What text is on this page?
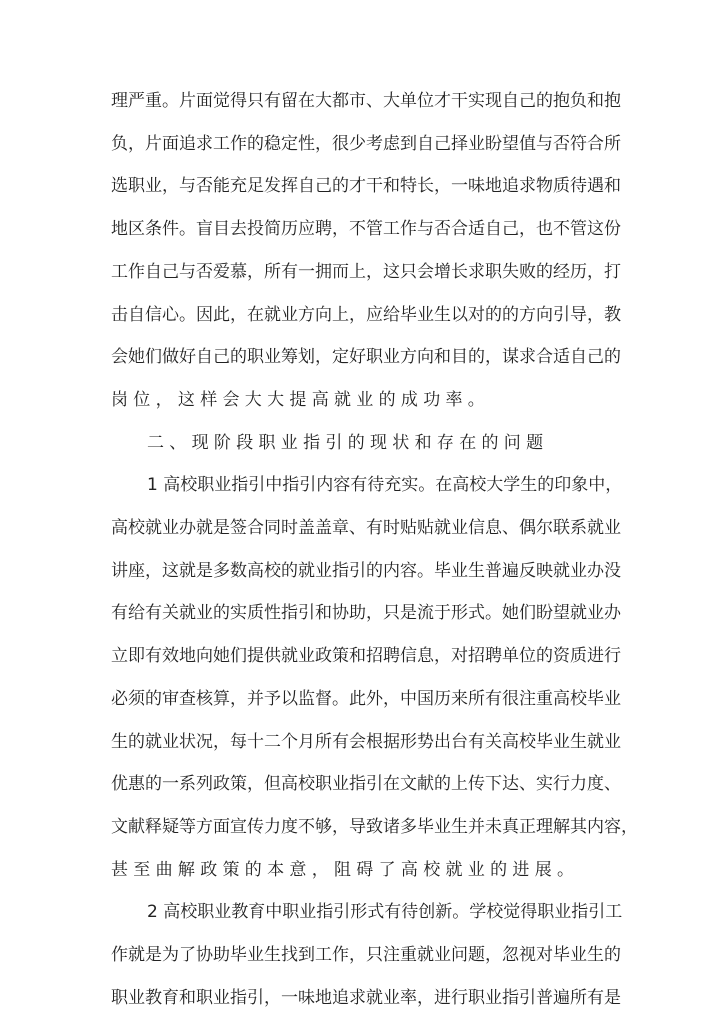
理严重。片面觉得只有留在大都市、大单位才干实现自己的抱负和抱
负，片面追求工作的稳定性，很少考虑到自己择业盼望值与否符合所
选职业，与否能充足发挥自己的才干和特长，一味地追求物质待遇和
地区条件。盲目去投简历应聘，不管工作与否合适自己，也不管这份
工作自己与否爱慕，所有一拥而上，这只会增长求职失败的经历，打
击自信心。因此，在就业方向上，应给毕业生以对的的方向引导，教
会她们做好自己的职业筹划，定好职业方向和目的，谋求合适自己的
岗位，这样会大大提高就业的成功率。
二、现阶段职业指引的现状和存在的问题
1 高校职业指引中指引内容有待充实。在高校大学生的印象中，
高校就业办就是签合同时盖盖章、有时贴贴就业信息、偶尔联系就业
讲座，这就是多数高校的就业指引的内容。毕业生普遍反映就业办没
有给有关就业的实质性指引和协助，只是流于形式。她们盼望就业办
立即有效地向她们提供就业政策和招聘信息，对招聘单位的资质进行
必须的审查核算，并予以监督。此外，中国历来所有很注重高校毕业
生的就业状况，每十二个月所有会根据形势出台有关高校毕业生就业
优惠的一系列政策，但高校职业指引在文献的上传下达、实行力度、
文献释疑等方面宣传力度不够，导致诸多毕业生并未真正理解其内容，
甚至曲解政策的本意，阻碍了高校就业的进展。
2 高校职业教育中职业指引形式有待创新。学校觉得职业指引工
作就是为了协助毕业生找到工作，只注重就业问题，忽视对毕业生的
职业教育和职业指引，一味地追求就业率，进行职业指引普遍所有是
